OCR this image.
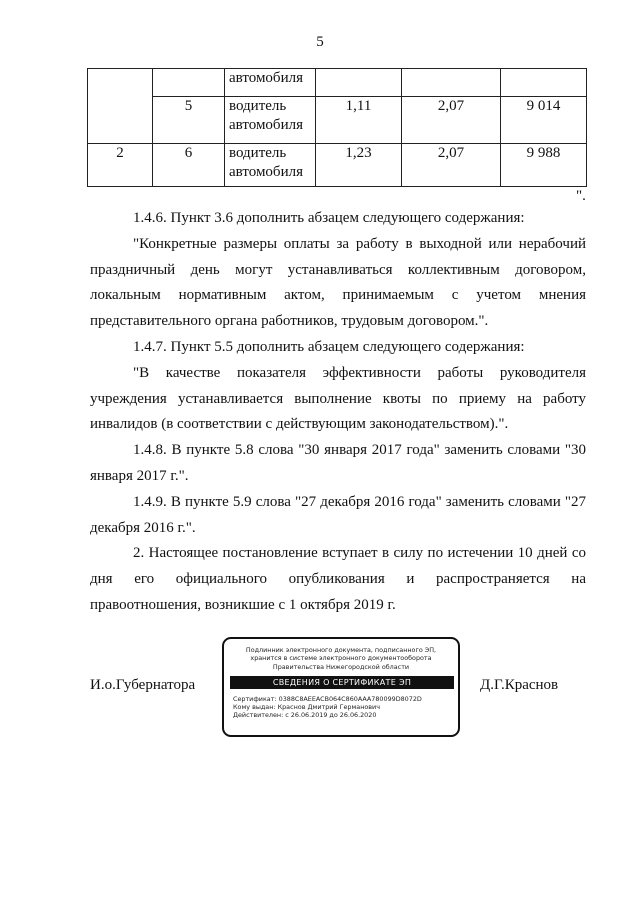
5
		автомобиля			
	5	водитель автомобиля	1,11	2,07	9 014
2	6	водитель автомобиля	1,23	2,07	9 988
".

1.4.6. Пункт 3.6 дополнить абзацем следующего содержания:

"Конкретные размеры оплаты за работу в выходной или нерабочий праздничный день могут устанавливаться коллективным договором, локальным нормативным актом, принимаемым с учетом мнения представительного органа работников, трудовым договором.".

1.4.7. Пункт 5.5 дополнить абзацем следующего содержания:

"В качестве показателя эффективности работы руководителя учреждения устанавливается выполнение квоты по приему на работу инвалидов (в соответствии с действующим законодательством).".

1.4.8. В пункте 5.8 слова "30 января 2017 года" заменить словами "30 января 2017 г.".

1.4.9. В пункте 5.9 слова "27 декабря 2016 года" заменить словами "27 декабря 2016 г.".

2. Настоящее постановление вступает в силу по истечении 10 дней со дня его официального опубликования и распространяется на правоотношения, возникшие с 1 октября 2019 г.

И.о.Губернатора
Подлинник электронного документа, подписанного ЭП,
хранится в системе электронного документооборота
Правительства Нижегородской области
СВЕДЕНИЯ О СЕРТИФИКАТЕ ЭП
Сертификат: 0388C8AEEACB064C860AAA780099D8072D
Кому выдан: Краснов Дмитрий Германович
Действителен: с 26.06.2019 до 26.06.2020
Д.Г.Краснов
